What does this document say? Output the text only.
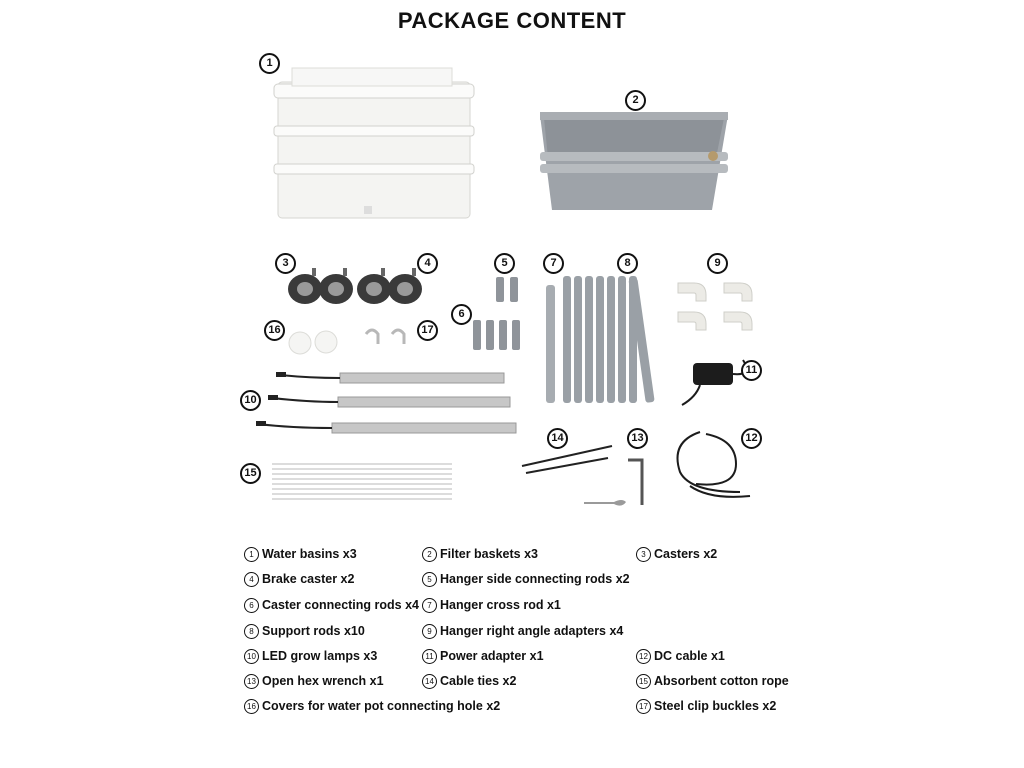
PACKAGE CONTENT
1
2
3	4	5
6
7	8	9
10
11
12
13
14
15
16	17
1 Water basins x3	2 Filter baskets x3	3 Casters x2
4 Brake caster x2	5 Hanger side connecting rods x2
6 Caster connecting rods x4	7 Hanger cross rod x1
8 Support rods x10	9 Hanger right angle adapters x4
10 LED grow lamps x3	11 Power adapter x1	12 DC cable x1
13 Open hex wrench x1	14 Cable ties x2	15 Absorbent cotton rope
16 Covers for water pot connecting hole x2	17 Steel clip buckles x2
